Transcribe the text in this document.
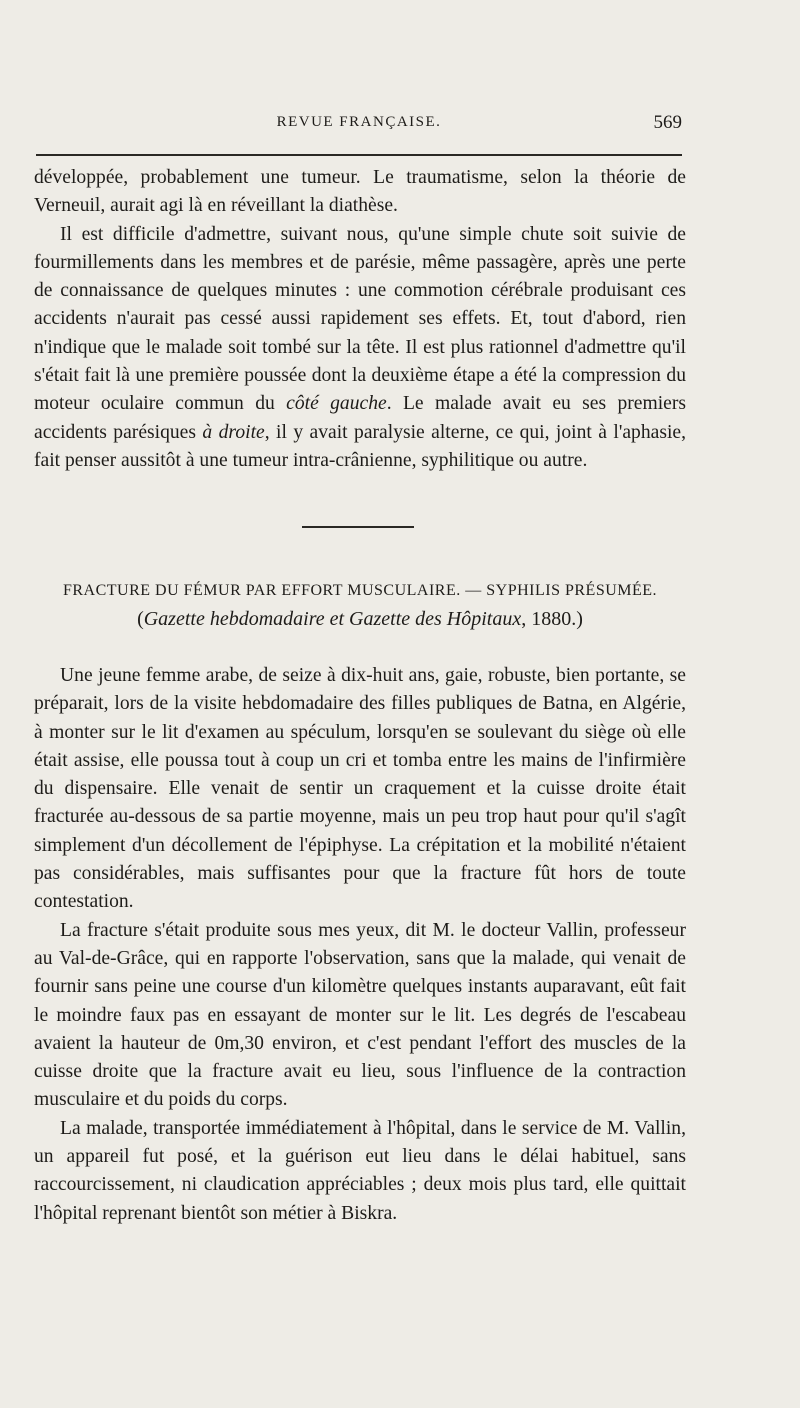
REVUE FRANÇAISE.	569

développée, probablement une tumeur. Le traumatisme, selon la théorie de Verneuil, aurait agi là en réveillant la diathèse.

Il est difficile d'admettre, suivant nous, qu'une simple chute soit suivie de fourmillements dans les membres et de parésie, même passagère, après une perte de connaissance de quelques minutes : une commotion cérébrale produisant ces accidents n'aurait pas cessé aussi rapidement ses effets. Et, tout d'abord, rien n'indique que le malade soit tombé sur la tête. Il est plus rationnel d'admettre qu'il s'était fait là une première poussée dont la deuxième étape a été la compression du moteur oculaire commun du côté gauche. Le malade avait eu ses premiers accidents parésiques à droite, il y avait paralysie alterne, ce qui, joint à l'aphasie, fait penser aussitôt à une tumeur intra-crânienne, syphilitique ou autre.

FRACTURE DU FÉMUR PAR EFFORT MUSCULAIRE. — SYPHILIS PRÉSUMÉE.
(Gazette hebdomadaire et Gazette des Hôpitaux, 1880.)

Une jeune femme arabe, de seize à dix-huit ans, gaie, robuste, bien portante, se préparait, lors de la visite hebdomadaire des filles publiques de Batna, en Algérie, à monter sur le lit d'examen au spéculum, lorsqu'en se soulevant du siège où elle était assise, elle poussa tout à coup un cri et tomba entre les mains de l'infirmière du dispensaire. Elle venait de sentir un craquement et la cuisse droite était fracturée au-dessous de sa partie moyenne, mais un peu trop haut pour qu'il s'agît simplement d'un décollement de l'épiphyse. La crépitation et la mobilité n'étaient pas considérables, mais suffisantes pour que la fracture fût hors de toute contestation.

La fracture s'était produite sous mes yeux, dit M. le docteur Vallin, professeur au Val-de-Grâce, qui en rapporte l'observation, sans que la malade, qui venait de fournir sans peine une course d'un kilomètre quelques instants auparavant, eût fait le moindre faux pas en essayant de monter sur le lit. Les degrés de l'escabeau avaient la hauteur de 0m,30 environ, et c'est pendant l'effort des muscles de la cuisse droite que la fracture avait eu lieu, sous l'influence de la contraction musculaire et du poids du corps.

La malade, transportée immédiatement à l'hôpital, dans le service de M. Vallin, un appareil fut posé, et la guérison eut lieu dans le délai habituel, sans raccourcissement, ni claudication appréciables ; deux mois plus tard, elle quittait l'hôpital reprenant bientôt son métier à Biskra.
